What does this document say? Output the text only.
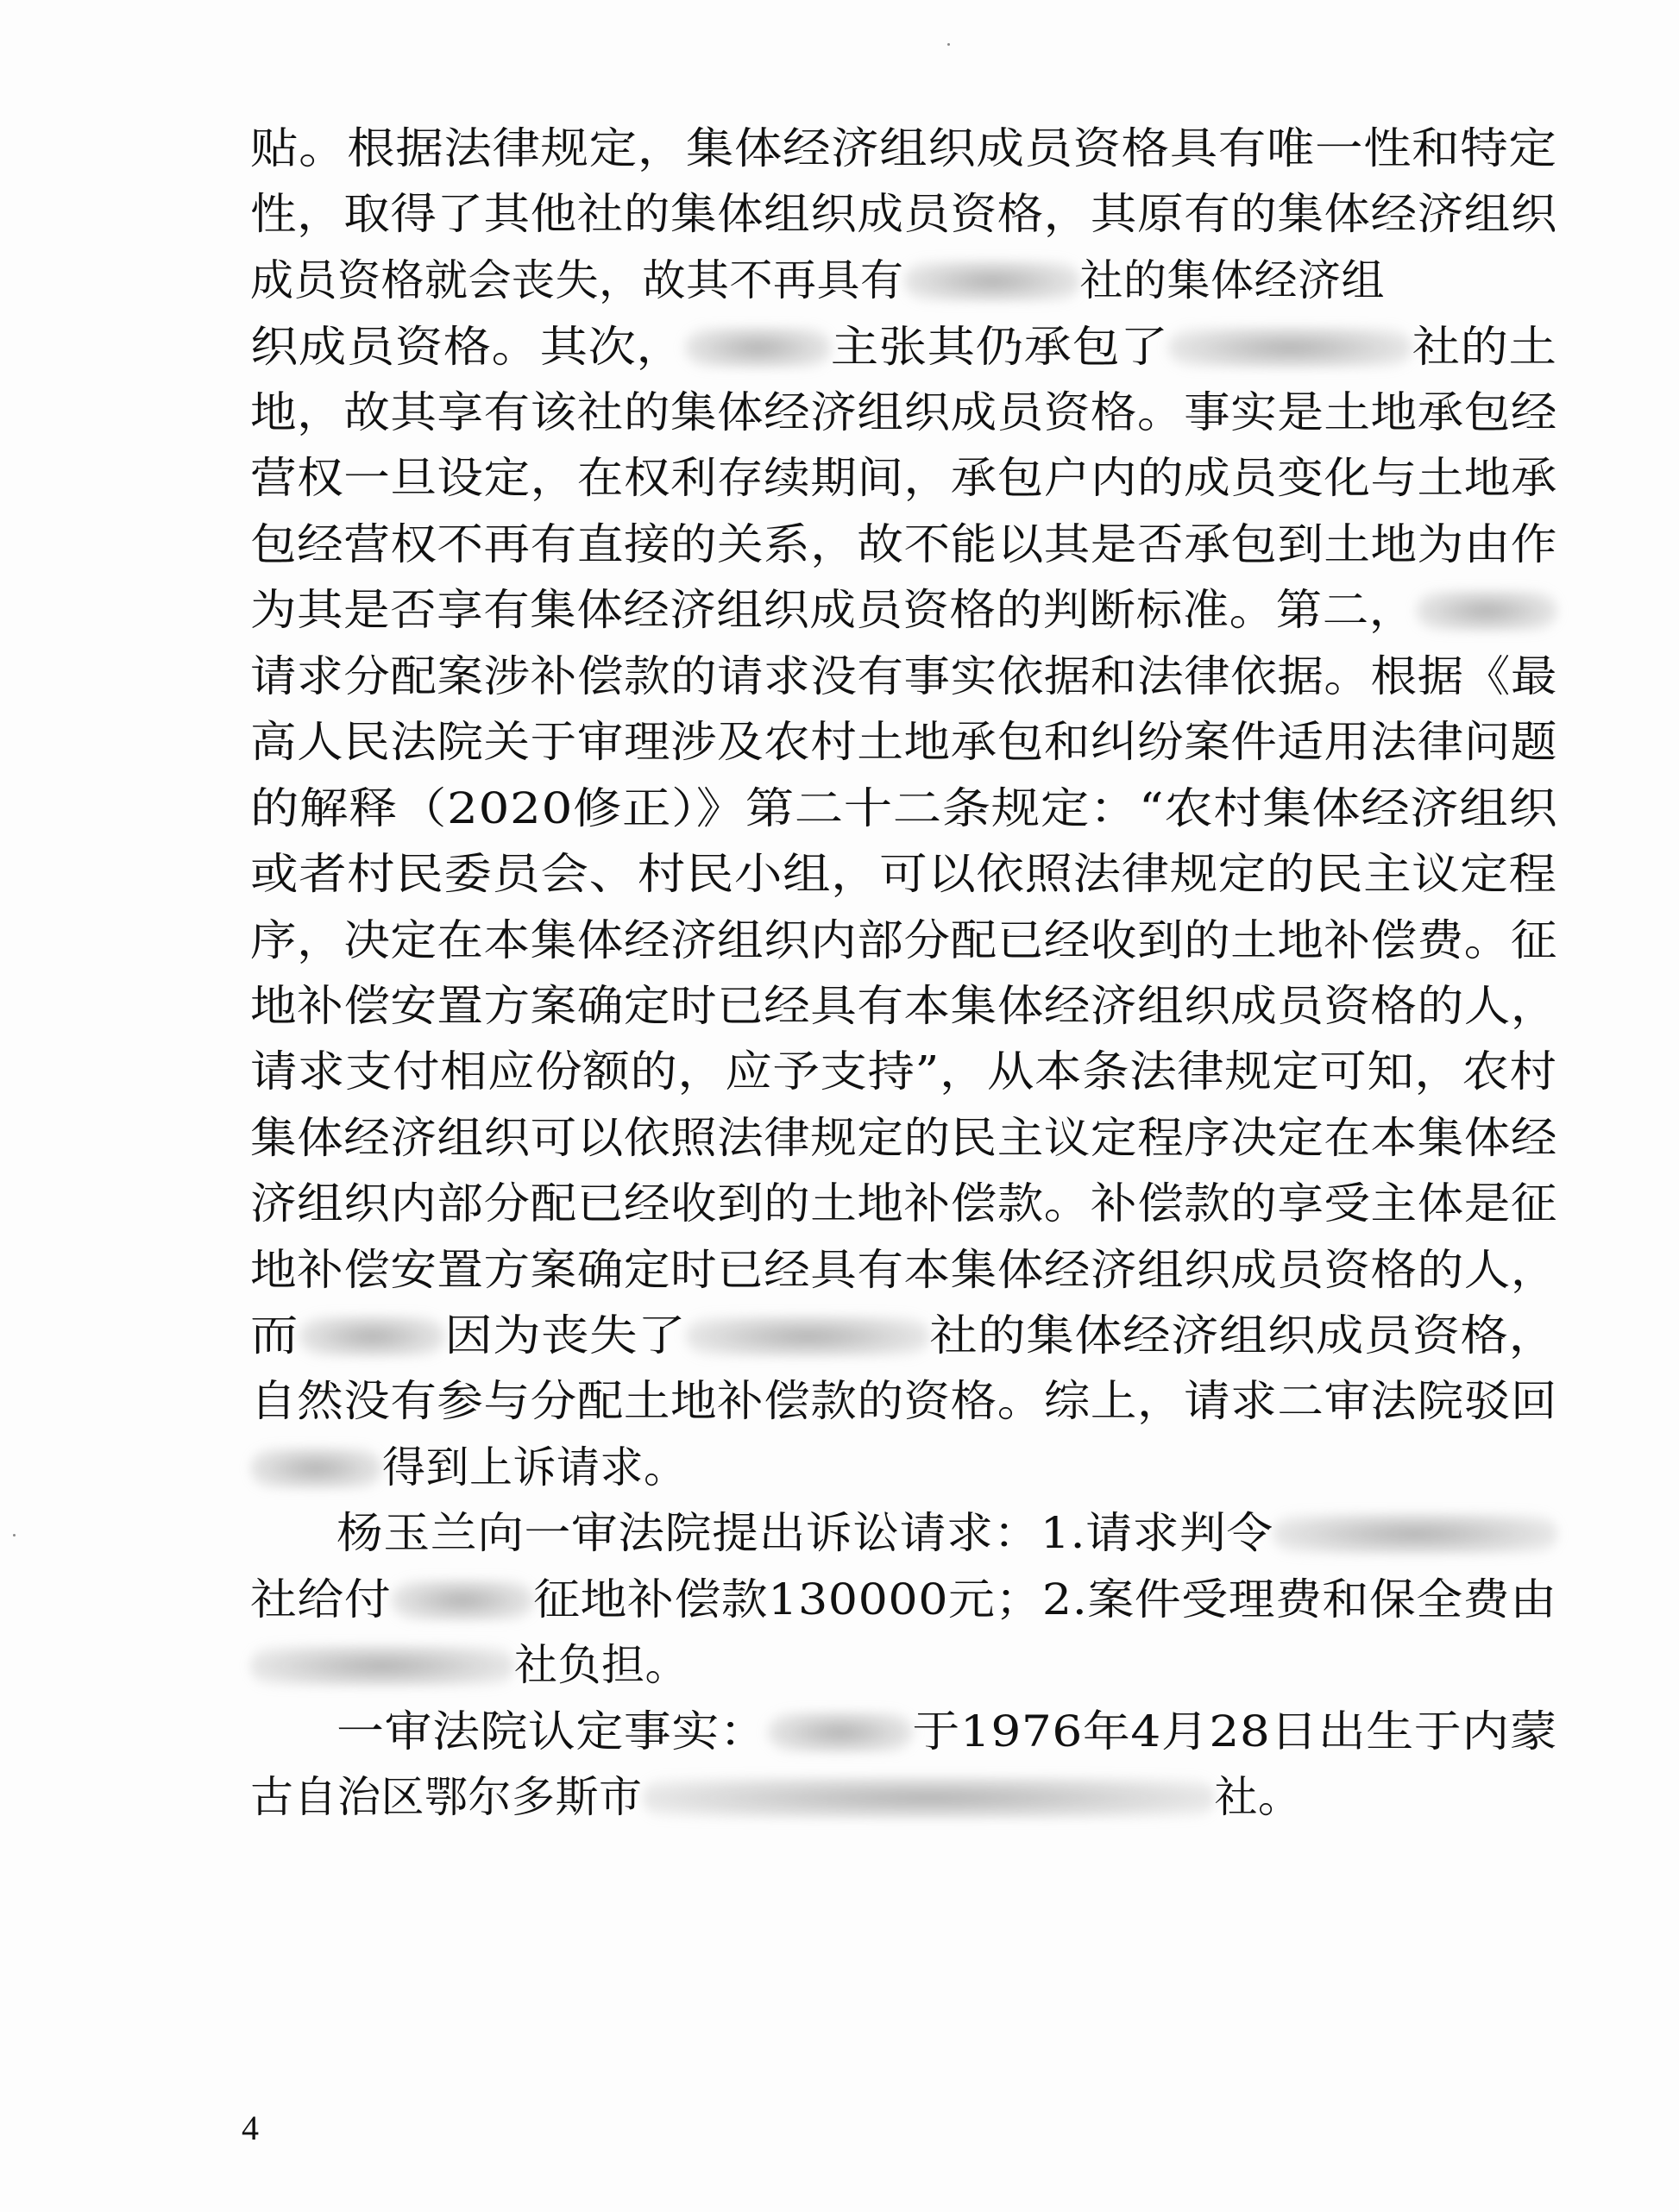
贴。根据法律规定，集体经济组织成员资格具有唯一性和特定
性，取得了其他社的集体组织成员资格，其原有的集体经济组织
成员资格就会丧失，故其不再具有	社的集体经济组
织成员资格。其次，	主张其仍承包了	社的土
地，故其享有该社的集体经济组织成员资格。事实是土地承包经
营权一旦设定，在权利存续期间，承包户内的成员变化与土地承
包经营权不再有直接的关系，故不能以其是否承包到土地为由作
为其是否享有集体经济组织成员资格的判断标准。第二，
请求分配案涉补偿款的请求没有事实依据和法律依据。根据《最
高人民法院关于审理涉及农村土地承包和纠纷案件适用法律问题
的解释（2020修正）》第二十二条规定：“农村集体经济组织
或者村民委员会、村民小组，可以依照法律规定的民主议定程
序，决定在本集体经济组织内部分配已经收到的土地补偿费。征
地补偿安置方案确定时已经具有本集体经济组织成员资格的人，
请求支付相应份额的，应予支持”，从本条法律规定可知，农村
集体经济组织可以依照法律规定的民主议定程序决定在本集体经
济组织内部分配已经收到的土地补偿款。补偿款的享受主体是征
地补偿安置方案确定时已经具有本集体经济组织成员资格的人，
而	因为丧失了	社的集体经济组织成员资格，
自然没有参与分配土地补偿款的资格。综上，请求二审法院驳回
得到上诉请求。
杨玉兰向一审法院提出诉讼请求：1.请求判令
社给付	征地补偿款130000元；2.案件受理费和保全费由
社负担。
一审法院认定事实：	于1976年4月28日出生于内蒙
古自治区鄂尔多斯市	社。
4
